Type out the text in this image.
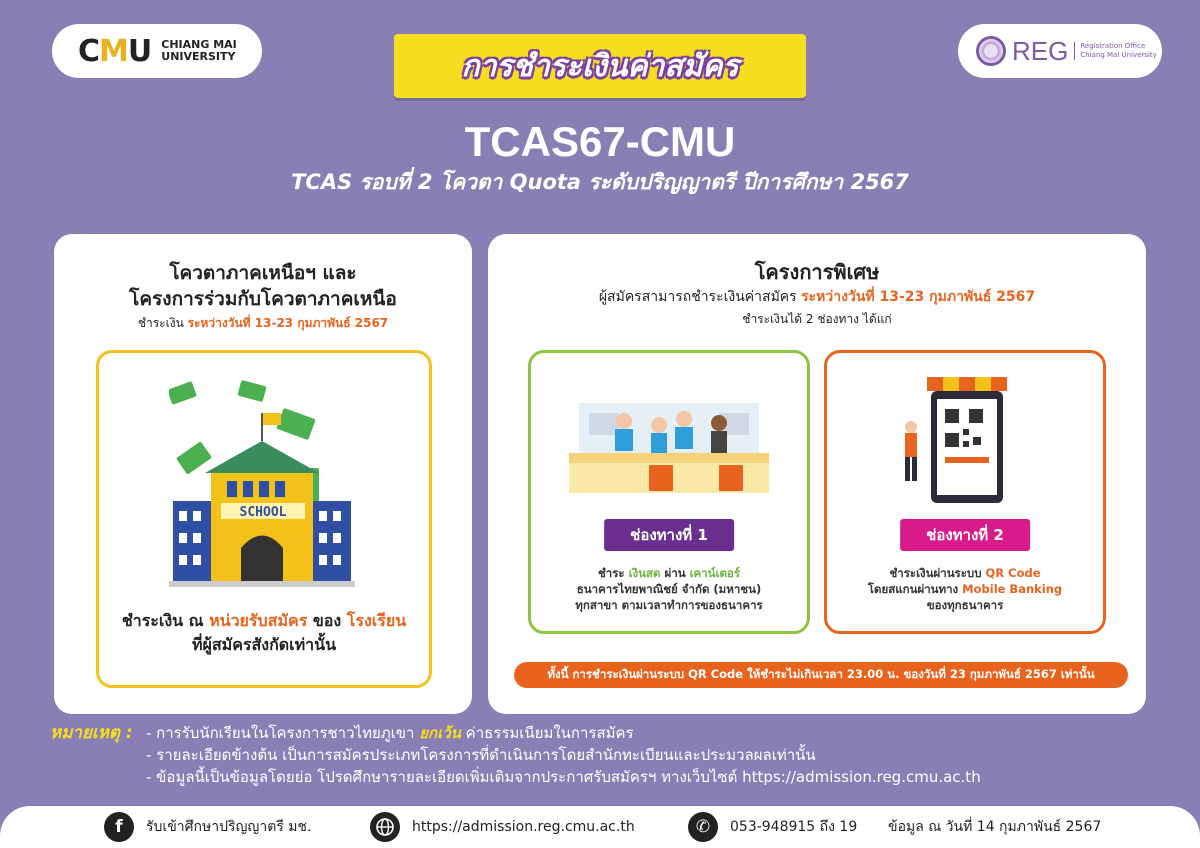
CMU CHIANG MAI
UNIVERSITY	REG Registration Office
Chiang Mai University
การชำระเงินค่าสมัคร
TCAS67-CMU
TCAS รอบที่ 2 โควตา Quota ระดับปริญญาตรี ปีการศึกษา 2567
โควตาภาคเหนือฯ และ
โครงการร่วมกับโควตาภาคเหนือ
ชำระเงิน ระหว่างวันที่ 13-23 กุมภาพันธ์ 2567
SCHOOL
ชำระเงิน ณ หน่วยรับสมัคร ของ โรงเรียน
ที่ผู้สมัครสังกัดเท่านั้น
โครงการพิเศษ
ผู้สมัครสามารถชำระเงินค่าสมัคร ระหว่างวันที่ 13-23 กุมภาพันธ์ 2567
ชำระเงินได้ 2 ช่องทาง ได้แก่
ช่องทางที่ 1
ชำระ เงินสด ผ่าน เคาน์เตอร์
ธนาคารไทยพาณิชย์ จำกัด (มหาชน)
ทุกสาขา ตามเวลาทำการของธนาคาร
ช่องทางที่ 2
ชำระเงินผ่านระบบ QR Code
โดยสแกนผ่านทาง Mobile Banking
ของทุกธนาคาร
ทั้งนี้ การชำระเงินผ่านระบบ QR Code ให้ชำระไม่เกินเวลา 23.00 น. ของวันที่ 23 กุมภาพันธ์ 2567 เท่านั้น
หมายเหตุ : - การรับนักเรียนในโครงการชาวไทยภูเขา ยกเว้น ค่าธรรมเนียมในการสมัคร
- รายละเอียดข้างต้น เป็นการสมัครประเภทโครงการที่ดำเนินการโดยสำนักทะเบียนและประมวลผลเท่านั้น
- ข้อมูลนี้เป็นข้อมูลโดยย่อ โปรดศึกษารายละเอียดเพิ่มเติมจากประกาศรับสมัครฯ ทางเว็บไซต์ https://admission.reg.cmu.ac.th
f	รับเข้าศึกษาปริญญาตรี มช.	https://admission.reg.cmu.ac.th	✆	053-948915 ถึง 19 ข้อมูล ณ วันที่ 14 กุมภาพันธ์ 2567
